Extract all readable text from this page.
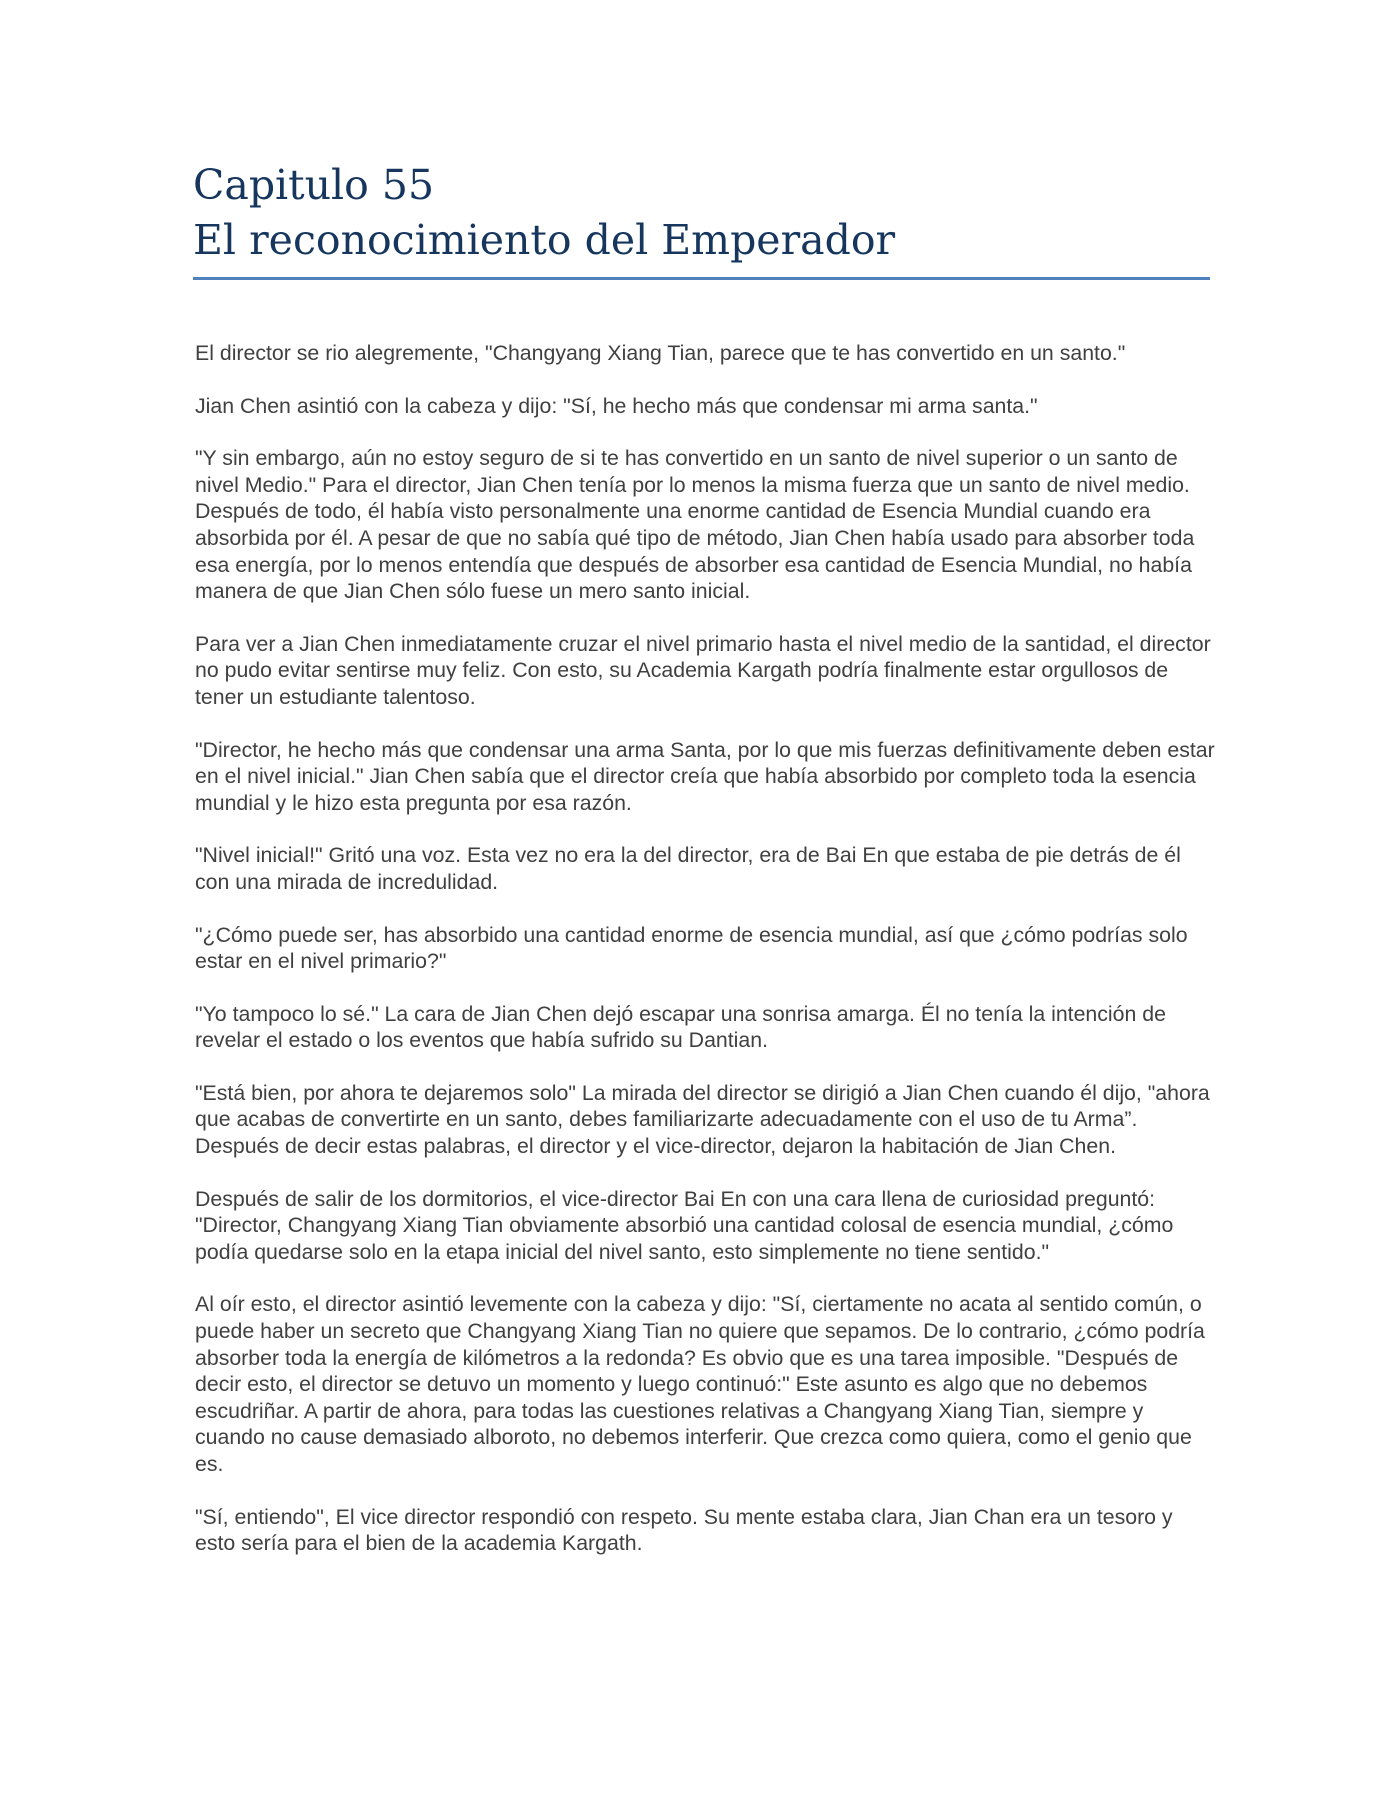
Capitulo 55

El reconocimiento del Emperador

El director se rio alegremente, "Changyang Xiang Tian, parece que te has convertido en un santo."

Jian Chen asintió con la cabeza y dijo: "Sí, he hecho más que condensar mi arma santa."

"Y sin embargo, aún no estoy seguro de si te has convertido en un santo de nivel superior o un santo de nivel Medio." Para el director, Jian Chen tenía por lo menos la misma fuerza que un santo de nivel medio. Después de todo, él había visto personalmente una enorme cantidad de Esencia Mundial cuando era absorbida por él. A pesar de que no sabía qué tipo de método, Jian Chen había usado para absorber toda esa energía, por lo menos entendía que después de absorber esa cantidad de Esencia Mundial, no había manera de que Jian Chen sólo fuese un mero santo inicial.

Para ver a Jian Chen inmediatamente cruzar el nivel primario hasta el nivel medio de la santidad, el director no pudo evitar sentirse muy feliz. Con esto, su Academia Kargath podría finalmente estar orgullosos de tener un estudiante talentoso.

"Director, he hecho más que condensar una arma Santa, por lo que mis fuerzas definitivamente deben estar en el nivel inicial." Jian Chen sabía que el director creía que había absorbido por completo toda la esencia mundial y le hizo esta pregunta por esa razón.

"Nivel inicial!" Gritó una voz. Esta vez no era la del director, era de Bai En que estaba de pie detrás de él con una mirada de incredulidad.

"¿Cómo puede ser, has absorbido una cantidad enorme de esencia mundial, así que ¿cómo podrías solo estar en el nivel primario?"

"Yo tampoco lo sé." La cara de Jian Chen dejó escapar una sonrisa amarga. Él no tenía la intención de revelar el estado o los eventos que había sufrido su Dantian.

"Está bien, por ahora te dejaremos solo" La mirada del director se dirigió a Jian Chen cuando él dijo, "ahora que acabas de convertirte en un santo, debes familiarizarte adecuadamente con el uso de tu Arma”. Después de decir estas palabras, el director y el vice-director, dejaron la habitación de Jian Chen.

Después de salir de los dormitorios, el vice-director Bai En con una cara llena de curiosidad preguntó: "Director, Changyang Xiang Tian obviamente absorbió una cantidad colosal de esencia mundial, ¿cómo podía quedarse solo en la etapa inicial del nivel santo, esto simplemente no tiene sentido."

Al oír esto, el director asintió levemente con la cabeza y dijo: "Sí, ciertamente no acata al sentido común, o puede haber un secreto que Changyang Xiang Tian no quiere que sepamos. De lo contrario, ¿cómo podría absorber toda la energía de kilómetros a la redonda? Es obvio que es una tarea imposible. "Después de decir esto, el director se detuvo un momento y luego continuó:" Este asunto es algo que no debemos escudriñar. A partir de ahora, para todas las cuestiones relativas a Changyang Xiang Tian, siempre y cuando no cause demasiado alboroto, no debemos interferir. Que crezca como quiera, como el genio que es.

"Sí, entiendo", El vice director respondió con respeto. Su mente estaba clara, Jian Chan era un tesoro y esto sería para el bien de la academia Kargath.
